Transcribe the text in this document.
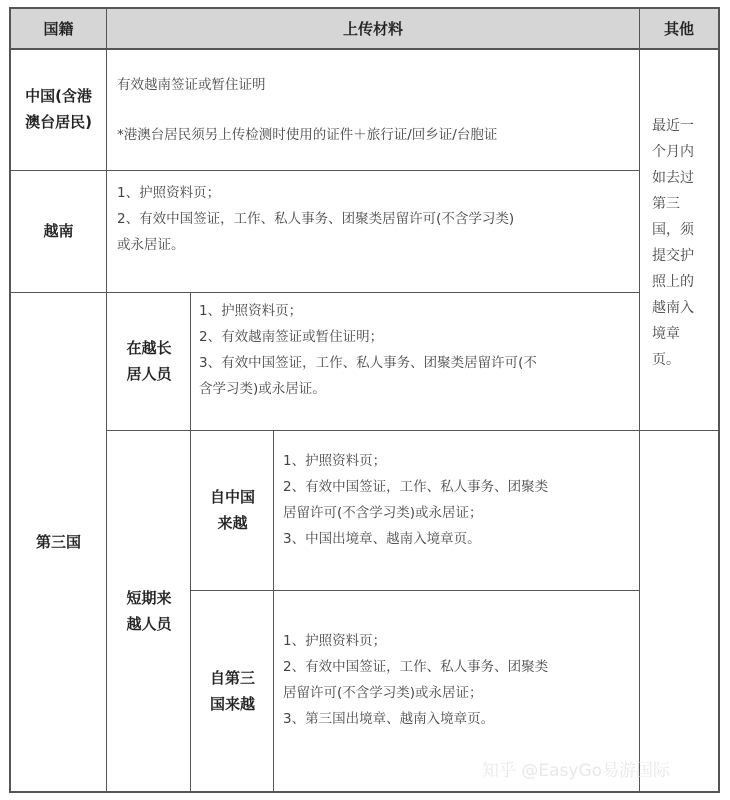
国籍	上传材料	其他
中国(含港
澳台居民)
有效越南签证或暂住证明
*港澳台居民须另上传检测时使用的证件＋旅行证/回乡证/台胞证
越南
1、护照资料页；
2、有效中国签证，工作、私人事务、团聚类居留许可(不含学习类)
或永居证。
第三国
在越长
居人员
1、护照资料页；
2、有效越南签证或暂住证明；
3、有效中国签证，工作、私人事务、团聚类居留许可(不
含学习类)或永居证。
短期来
越人员
自中国
来越
1、护照资料页；
2、有效中国签证，工作、私人事务、团聚类
居留许可(不含学习类)或永居证；
3、中国出境章、越南入境章页。
自第三
国来越
1、护照资料页；
2、有效中国签证，工作、私人事务、团聚类
居留许可(不含学习类)或永居证；
3、第三国出境章、越南入境章页。
最近一个月内如去过第三国，须提交护照上的越南入境章页。
知乎 @EasyGo易游国际
